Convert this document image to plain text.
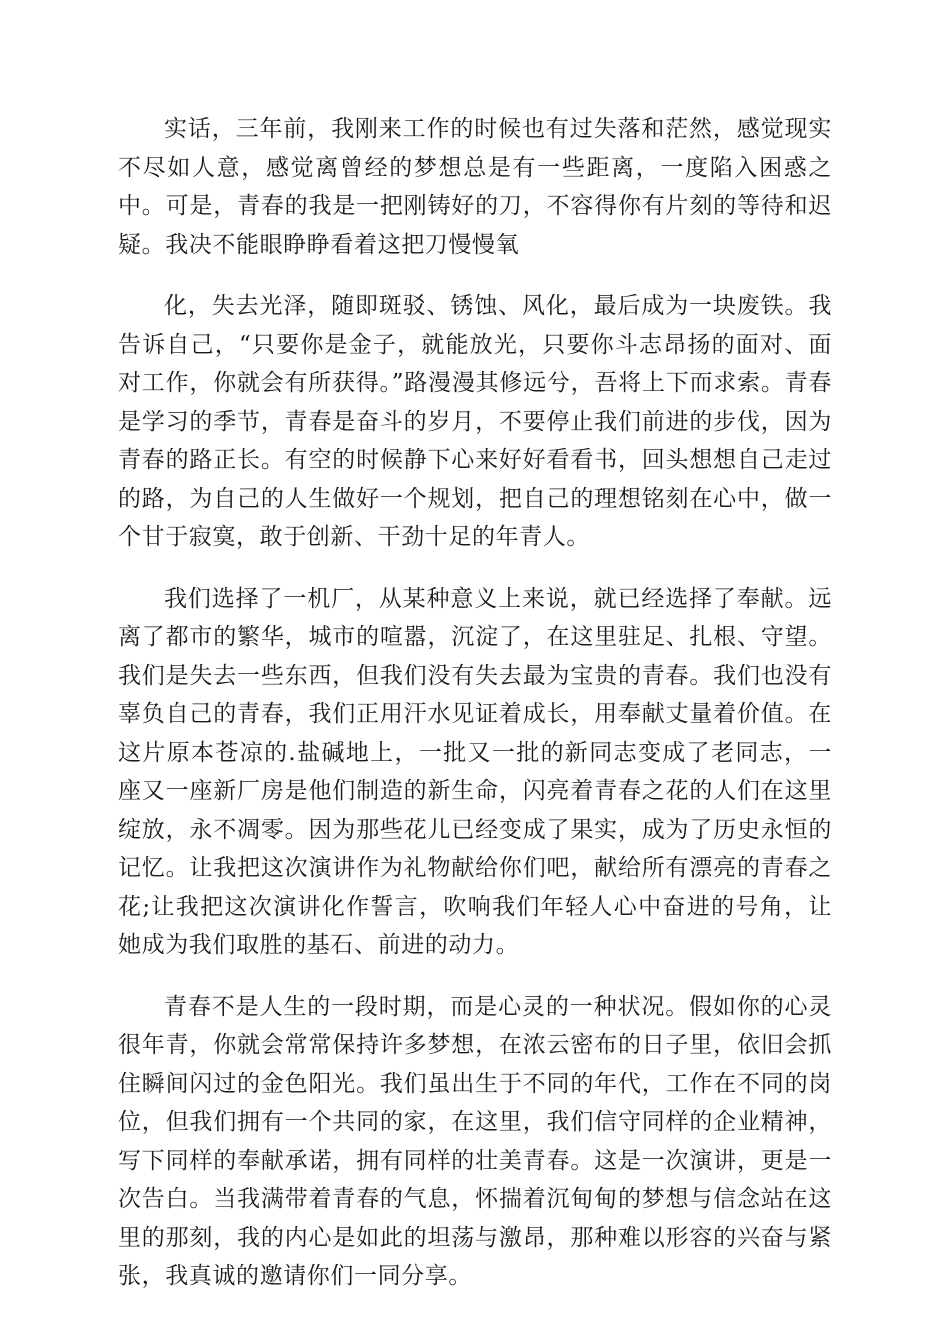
实话，三年前，我刚来工作的时候也有过失落和茫然，感觉现实不尽如人意，感觉离曾经的梦想总是有一些距离，一度陷入困惑之中。可是，青春的我是一把刚铸好的刀，不容得你有片刻的等待和迟疑。我决不能眼睁睁看着这把刀慢慢氧

化，失去光泽，随即斑驳、锈蚀、风化，最后成为一块废铁。我告诉自己，“只要你是金子，就能放光，只要你斗志昂扬的面对、面对工作，你就会有所获得。”路漫漫其修远兮，吾将上下而求索。青春是学习的季节，青春是奋斗的岁月，不要停止我们前进的步伐，因为青春的路正长。有空的时候静下心来好好看看书，回头想想自己走过的路，为自己的人生做好一个规划，把自己的理想铭刻在心中，做一个甘于寂寞，敢于创新、干劲十足的年青人。

我们选择了一机厂，从某种意义上来说，就已经选择了奉献。远离了都市的繁华，城市的喧嚣，沉淀了，在这里驻足、扎根、守望。我们是失去一些东西，但我们没有失去最为宝贵的青春。我们也没有辜负自己的青春，我们正用汗水见证着成长，用奉献丈量着价值。在这片原本苍凉的.盐碱地上，一批又一批的新同志变成了老同志，一座又一座新厂房是他们制造的新生命，闪亮着青春之花的人们在这里绽放，永不凋零。因为那些花儿已经变成了果实，成为了历史永恒的记忆。让我把这次演讲作为礼物献给你们吧，献给所有漂亮的青春之花;让我把这次演讲化作誓言，吹响我们年轻人心中奋进的号角，让她成为我们取胜的基石、前进的动力。

青春不是人生的一段时期，而是心灵的一种状况。假如你的心灵很年青，你就会常常保持许多梦想，在浓云密布的日子里，依旧会抓住瞬间闪过的金色阳光。我们虽出生于不同的年代，工作在不同的岗位，但我们拥有一个共同的家，在这里，我们信守同样的企业精神，写下同样的奉献承诺，拥有同样的壮美青春。这是一次演讲，更是一次告白。当我满带着青春的气息，怀揣着沉甸甸的梦想与信念站在这里的那刻，我的内心是如此的坦荡与激昂，那种难以形容的兴奋与紧张，我真诚的邀请你们一同分享。
